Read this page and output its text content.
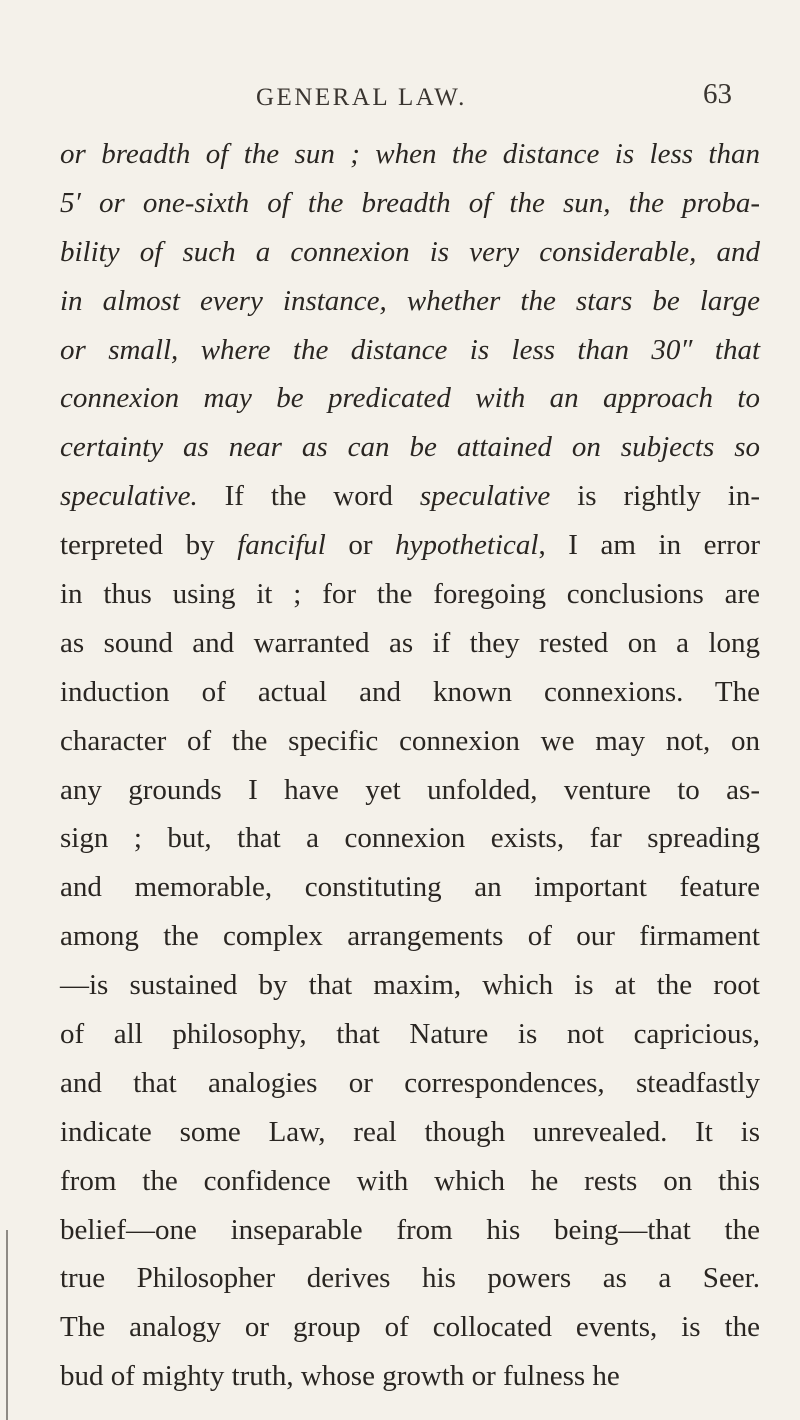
GENERAL LAW.	63
or breadth of the sun ; when the distance is less than
5′ or one-sixth of the breadth of the sun, the proba-
bility of such a connexion is very considerable, and
in almost every instance, whether the stars be large
or small, where the distance is less than 30″ that
connexion may be predicated with an approach to
certainty as near as can be attained on subjects so
speculative. If the word speculative is rightly in-
terpreted by fanciful or hypothetical, I am in error
in thus using it ; for the foregoing conclusions are
as sound and warranted as if they rested on a long
induction of actual and known connexions. The
character of the specific connexion we may not, on
any grounds I have yet unfolded, venture to as-
sign ; but, that a connexion exists, far spreading
and memorable, constituting an important feature
among the complex arrangements of our firmament
—is sustained by that maxim, which is at the root
of all philosophy, that Nature is not capricious,
and that analogies or correspondences, steadfastly
indicate some Law, real though unrevealed. It is
from the confidence with which he rests on this
belief—one inseparable from his being—that the
true Philosopher derives his powers as a Seer.
The analogy or group of collocated events, is the
bud of mighty truth, whose growth or fulness he
